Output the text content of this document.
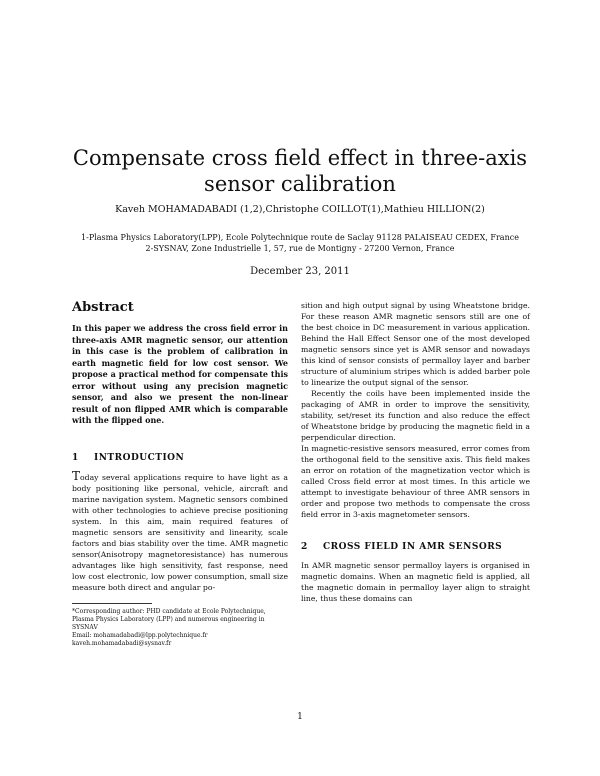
Compensate cross field effect in three-axis sensor calibration
Kaveh MOHAMADABADI (1,2),Christophe COILLOT(1),Mathieu HILLION(2)
1-Plasma Physics Laboratory(LPP), Ecole Polytechnique route de Saclay 91128 PALAISEAU CEDEX, France
2-SYSNAV, Zone Industrielle 1, 57, rue de Montigny - 27200 Vernon, France
December 23, 2011
Abstract

In this paper we address the cross field error in three-axis AMR magnetic sensor, our attention in this case is the problem of calibration in earth magnetic field for low cost sensor. We propose a practical method for compensate this error without using any precision magnetic sensor, and also we present the non-linear result of non flipped AMR which is comparable with the flipped one.

1 INTRODUCTION

Today several applications require to have light as a body positioning like personal, vehicle, aircraft and marine navigation system. Magnetic sensors combined with other technologies to achieve precise positioning system. In this aim, main required features of magnetic sensors are sensitivity and linearity, scale factors and bias stability over the time. AMR magnetic sensor(Anisotropy magnetoresistance) has numerous advantages like high sensitivity, fast response, need low cost electronic, low power consumption, small size measure both direct and angular po-

*Corresponding author: PHD candidate at Ecole Polytechnique, Plasma Physics Laboratory (LPP) and numerous engineering in SYSNAV

Email: mohamadabadi@lpp.polytechnique.fr

kaveh.mohamadabadi@sysnav.fr

sition and high output signal by using Wheatstone bridge. For these reason AMR magnetic sensors still are one of the best choice in DC measurement in various application. Behind the Hall Effect Sensor one of the most developed magnetic sensors since yet is AMR sensor and nowadays this kind of sensor consists of permalloy layer and barber structure of aluminium stripes which is added barber pole to linearize the output signal of the sensor.

Recently the coils have been implemented inside the packaging of AMR in order to improve the sensitivity, stability, set/reset its function and also reduce the effect of Wheatstone bridge by producing the magnetic field in a perpendicular direction.

In magnetic-resistive sensors measured, error comes from the orthogonal field to the sensitive axis. This field makes an error on rotation of the magnetization vector which is called Cross field error at most times. In this article we attempt to investigate behaviour of three AMR sensors in order and propose two methods to compensate the cross field error in 3-axis magnetometer sensors.

2 CROSS FIELD IN AMR SENSORS

In AMR magnetic sensor permalloy layers is organised in magnetic domains. When an magnetic field is applied, all the magnetic domain in permalloy layer align to straight line, thus these domains can

1
